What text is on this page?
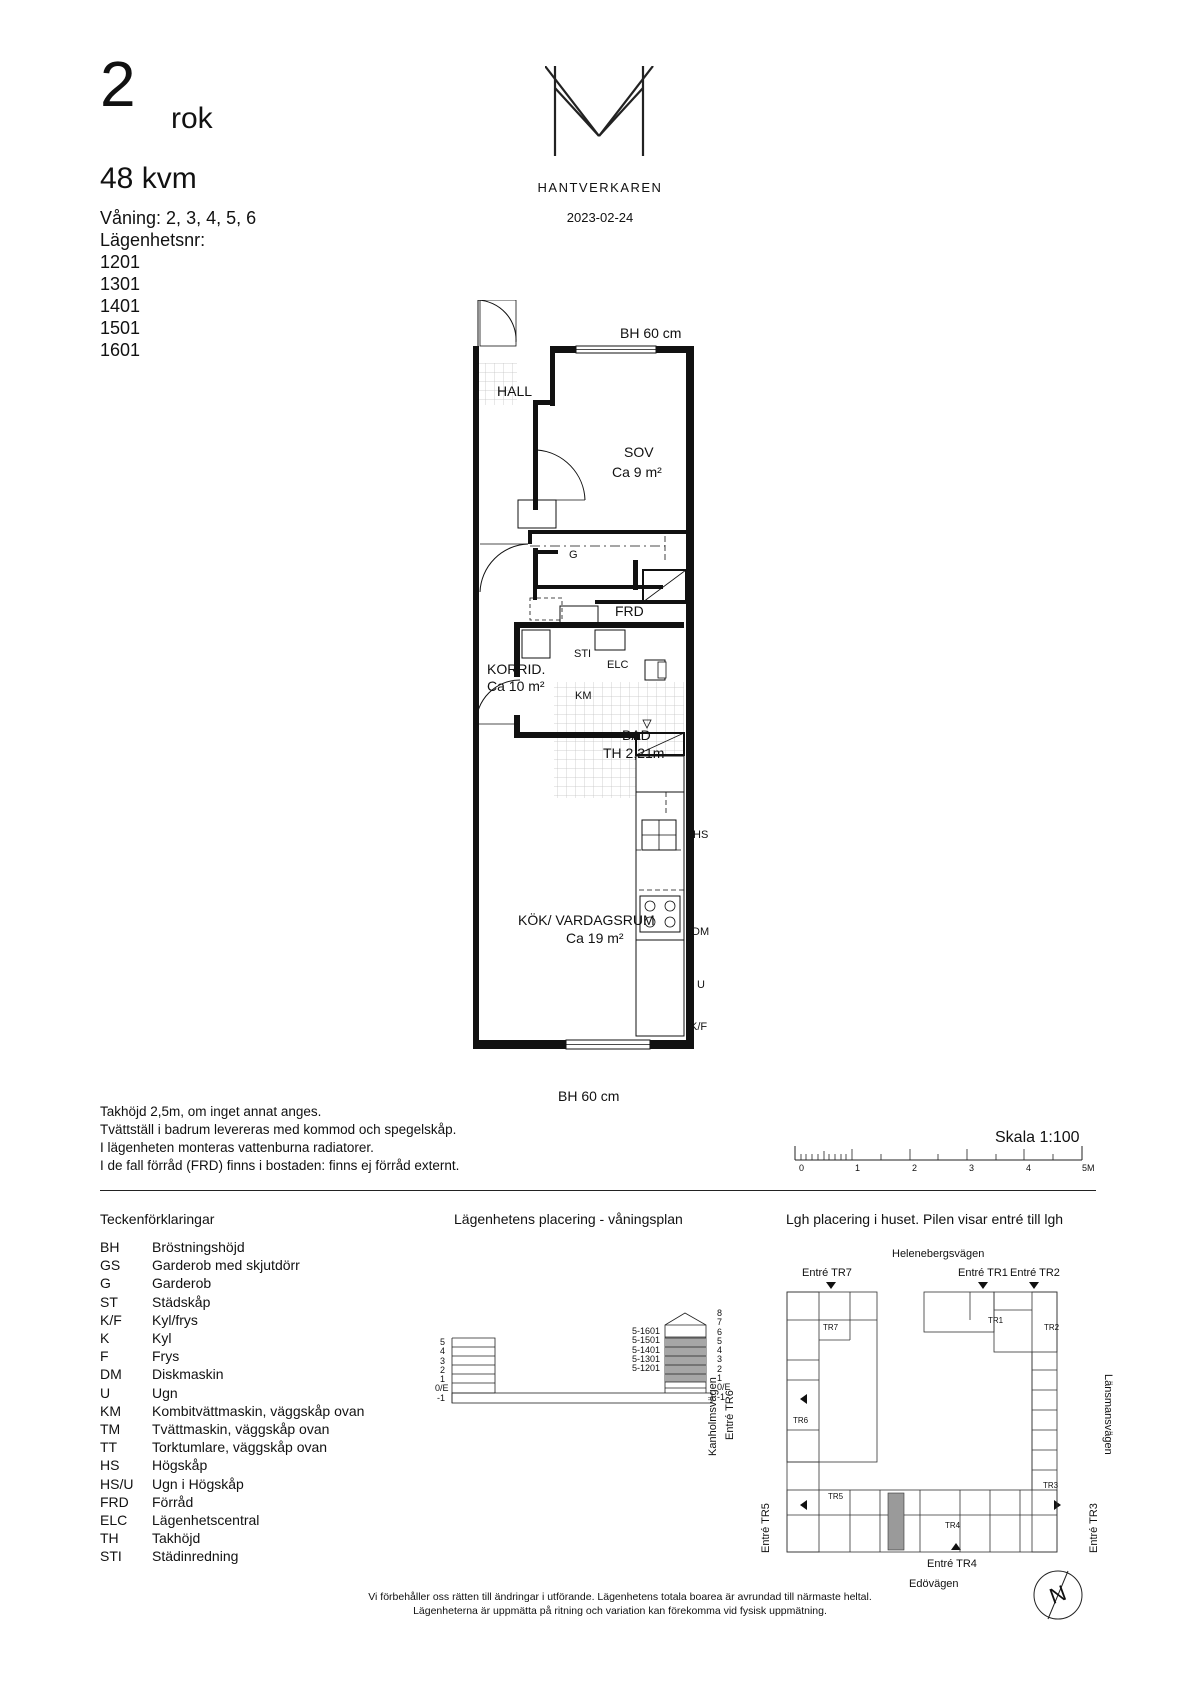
2 rok
48 kvm
Våning: 2, 3, 4, 5, 6
Lägenhetsnr:
1201
1301
1401
1501
1601
HANTVERKAREN
2023-02-24
BH 60 cm
HALL
SOV
Ca 9 m²
G
FRD
STI
ELC
KORRID.
Ca 10 m²
KM
BAD
TH 2,21m
HS
KÖK/ VARDAGSRUM
Ca 19 m²	DM
U
K/F
BH 60 cm
Takhöjd 2,5m, om inget annat anges.
Tvättställ i badrum levereras med kommod och spegelskåp.
I lägenheten monteras vattenburna radiatorer.
I de fall förråd (FRD) finns i bostaden: finns ej förråd externt.
Skala 1:100
0	1	2	3	4	5M
Teckenförklaringar
BH	Bröstningshöjd
GS	Garderob med skjutdörr
G	Garderob
ST	Städskåp
K/F	Kyl/frys
K	Kyl
F	Frys
DM	Diskmaskin
U	Ugn
KM	Kombitvättmaskin, väggskåp ovan
TM	Tvättmaskin, väggskåp ovan
TT	Torktumlare, väggskåp ovan
HS	Högskåp
HS/U	Ugn i Högskåp
FRD	Förråd
ELC	Lägenhetscentral
TH	Takhöjd
STI	Städinredning
Lägenhetens placering - våningsplan
5
4
3
2
1
0/E
-1
5-1601
5-1501
5-1401
5-1301
5-1201
8
7
6
5
4
3
2
1
0/E
-1
Lgh placering i huset. Pilen visar entré till lgh
Helenebergsvägen
Entré TR7	Entré TR1 Entré TR2
TR7
TR1
TR2
TR6
TR5
TR4
TR3
Kanholmsvägen Entré TR6
Entré TR5
Länsmansvägen
Entré TR3
Entré TR4
Edövägen	N
Vi förbehåller oss rätten till ändringar i utförande. Lägenhetens totala boarea är avrundad till närmaste heltal.
Lägenheterna är uppmätta på ritning och variation kan förekomma vid fysisk uppmätning.
